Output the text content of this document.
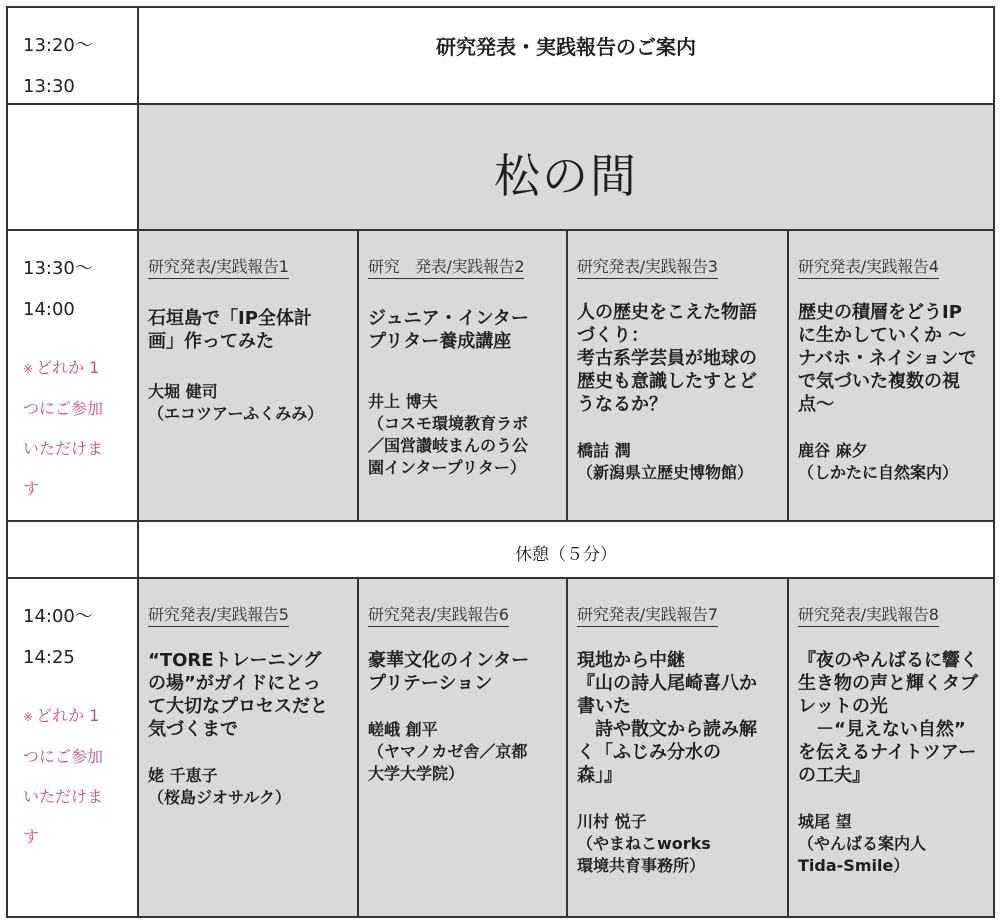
13:20～
13:30
研究発表・実践報告のご案内
松の間
13:30～
14:00
※ どれか 1
つにご参加
いただけま
す
研究発表/実践報告1
石垣島で「IP全体計
画」作ってみた
大堀 健司
（エコツアーふくみみ）
研究　発表/実践報告2
ジュニア・インター
プリター養成講座
井上 博夫
（コスモ環境教育ラボ
／国営讃岐まんのう公
園インタープリター）
研究発表/実践報告3
人の歴史をこえた物語
づくり：
考古系学芸員が地球の
歴史も意識したすとど
うなるか？
橋詰 潤
（新潟県立歴史博物館）
研究発表/実践報告4
歴史の積層をどうIP
に生かしていくか ～
ナバホ・ネイションで
で気づいた複数の視
点～
鹿谷 麻夕
（しかたに自然案内）
休憩（５分）
14:00～
14:25
※ どれか 1
つにご参加
いただけま
す
研究発表/実践報告5
“TOREトレーニング
の場”がガイドにとっ
て大切なプロセスだと
気づくまで
姥 千恵子
（桜島ジオサルク）
研究発表/実践報告6
豪華文化のインター
プリテーション
嵯峨 創平
（ヤマノカゼ舎／京都
大学大学院）
研究発表/実践報告7
現地から中継
『山の詩人尾崎喜八か
書いた
　詩や散文から読み解
く「ふじみ分水の
森」』
川村 悦子
（やまねこworks
環境共育事務所）
研究発表/実践報告8
『夜のやんばるに響く
生き物の声と輝くタブ
レットの光
　－“見えない自然”
を伝えるナイトツアー
の工夫』
城尾 望
（やんばる案内人
Tida-Smile）
